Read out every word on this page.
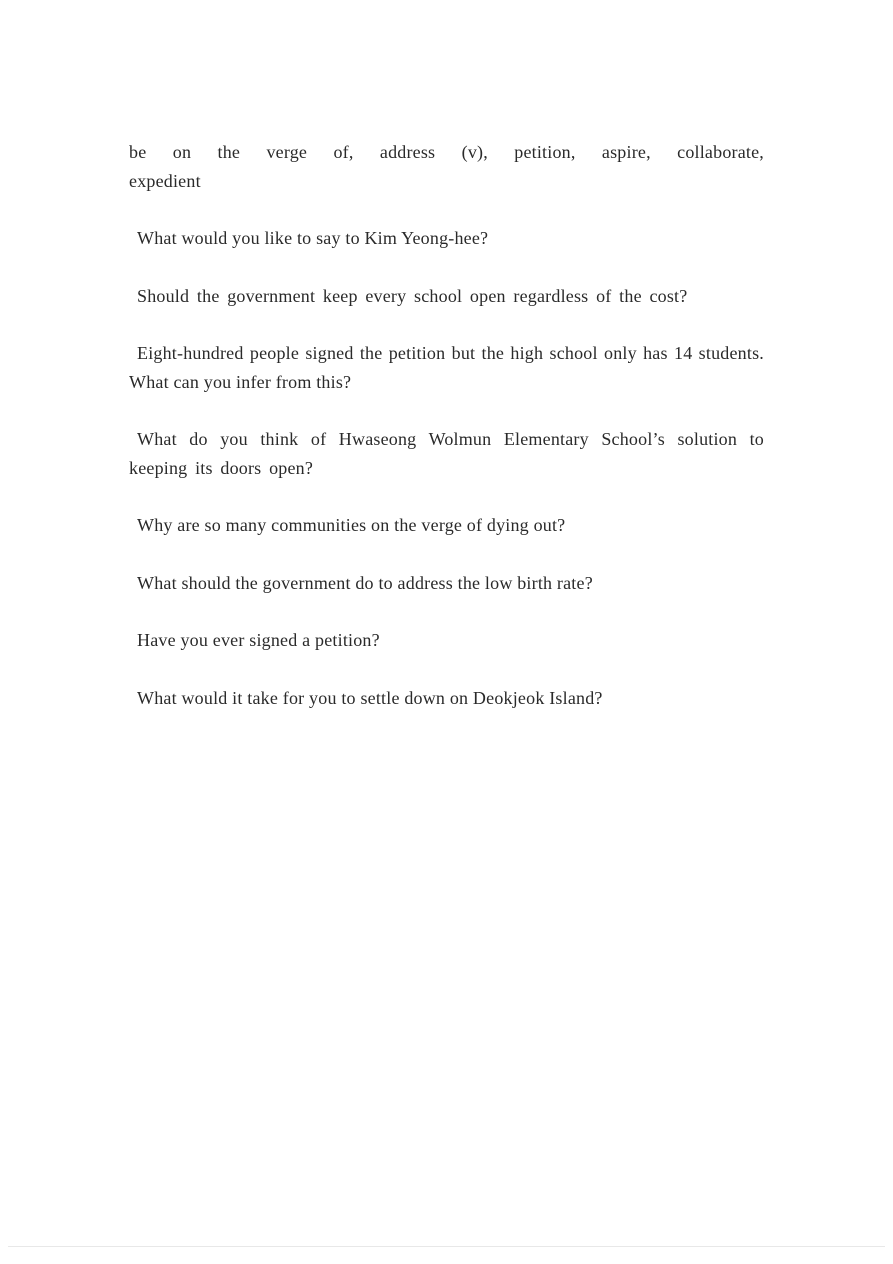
be on the verge of, address (v), petition, aspire, collaborate, expedient

What would you like to say to Kim Yeong-hee?

Should the government keep every school open regardless of the cost?

Eight-hundred people signed the petition but the high school only has 14 students. What can you infer from this?

What do you think of Hwaseong Wolmun Elementary School’s solution to keeping its doors open?

Why are so many communities on the verge of dying out?

What should the government do to address the low birth rate?

Have you ever signed a petition?

What would it take for you to settle down on Deokjeok Island?
